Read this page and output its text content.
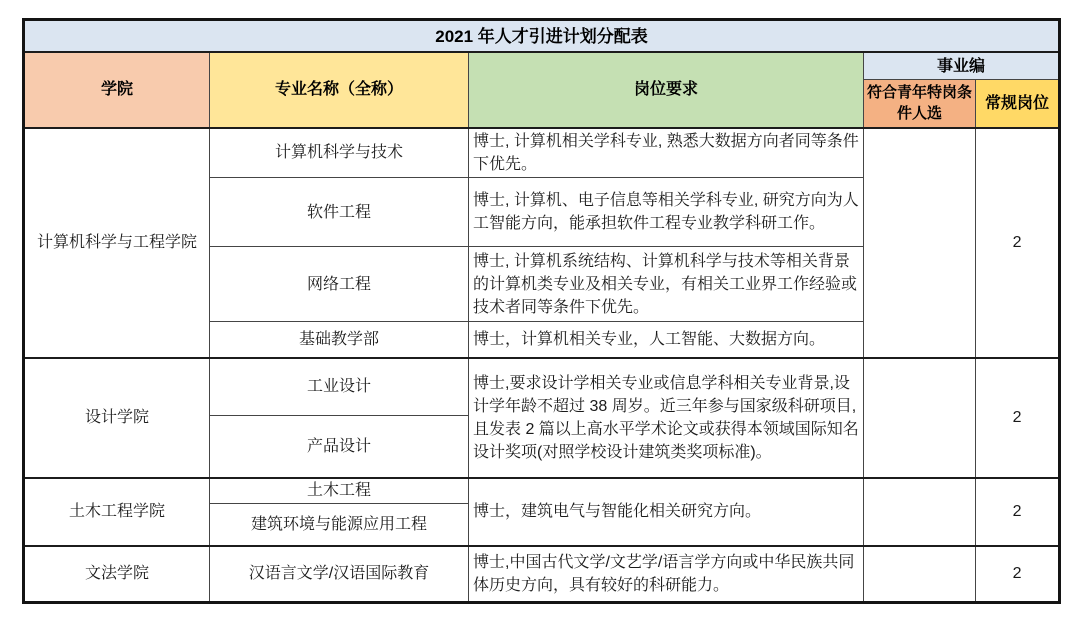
2021 年人才引进计划分配表				
学院	专业名称（全称）	岗位要求	事业编	
			符合青年特岗条件人选	常规岗位
计算机科学与工程学院	计算机科学与技术	博士, 计算机相关学科专业, 熟悉大数据方向者同等条件下优先。		2
	软件工程	博士, 计算机、电子信息等相关学科专业, 研究方向为人工智能方向，能承担软件工程专业教学科研工作。		
	网络工程	博士, 计算机系统结构、计算机科学与技术等相关背景的计算机类专业及相关专业，有相关工业界工作经验或技术者同等条件下优先。		
	基础教学部	博士，计算机相关专业，人工智能、大数据方向。		
设计学院	工业设计	博士,要求设计学相关专业或信息学科相关专业背景,设计学年龄不超过 38 周岁。近三年参与国家级科研项目,且发表 2 篇以上高水平学术论文或获得本领域国际知名设计奖项(对照学校设计建筑类奖项标准)。		2
	产品设计			
土木工程学院	土木工程	博士，建筑电气与智能化相关研究方向。		2
	建筑环境与能源应用工程			
文法学院	汉语言文学/汉语国际教育	博士,中国古代文学/文艺学/语言学方向或中华民族共同体历史方向，具有较好的科研能力。		2
